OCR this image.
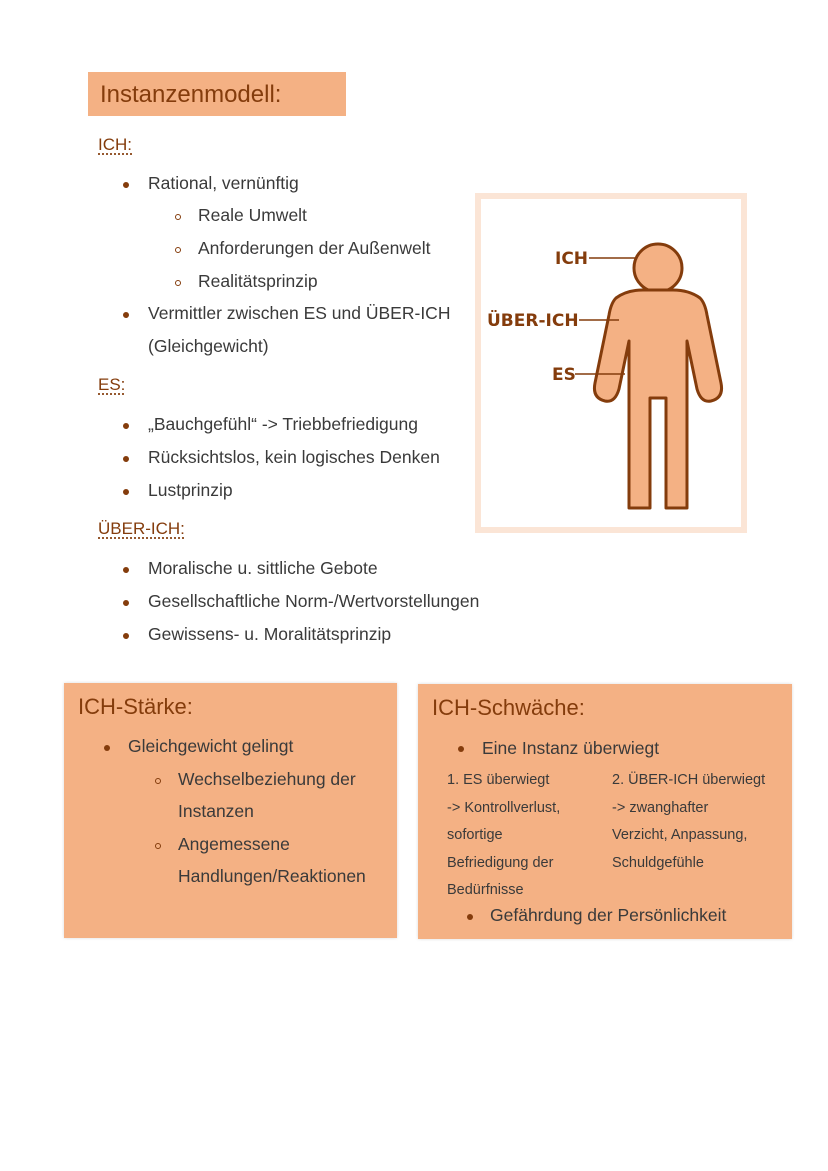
Instanzenmodell:
ICH:
Rational, vernünftig
Reale Umwelt
Anforderungen der Außenwelt
Realitätsprinzip
Vermittler zwischen ES und ÜBER-ICH
(Gleichgewicht)
ES:
„Bauchgefühl“ -> Triebbefriedigung
Rücksichtslos, kein logisches Denken
Lustprinzip
ÜBER-ICH:
Moralische u. sittliche Gebote
Gesellschaftliche Norm-/Wertvorstellungen
Gewissens- u. Moralitätsprinzip
ICH
ÜBER-ICH
ES
ICH-Stärke:
Gleichgewicht gelingt
Wechselbeziehung der
Instanzen
Angemessene
Handlungen/Reaktionen
ICH-Schwäche:
Eine Instanz überwiegt
1. ES überwiegt
-> Kontrollverlust,
sofortige
Befriedigung der
Bedürfnisse
2. ÜBER-ICH überwiegt
-> zwanghafter
Verzicht, Anpassung,
Schuldgefühle
Gefährdung der Persönlichkeit
